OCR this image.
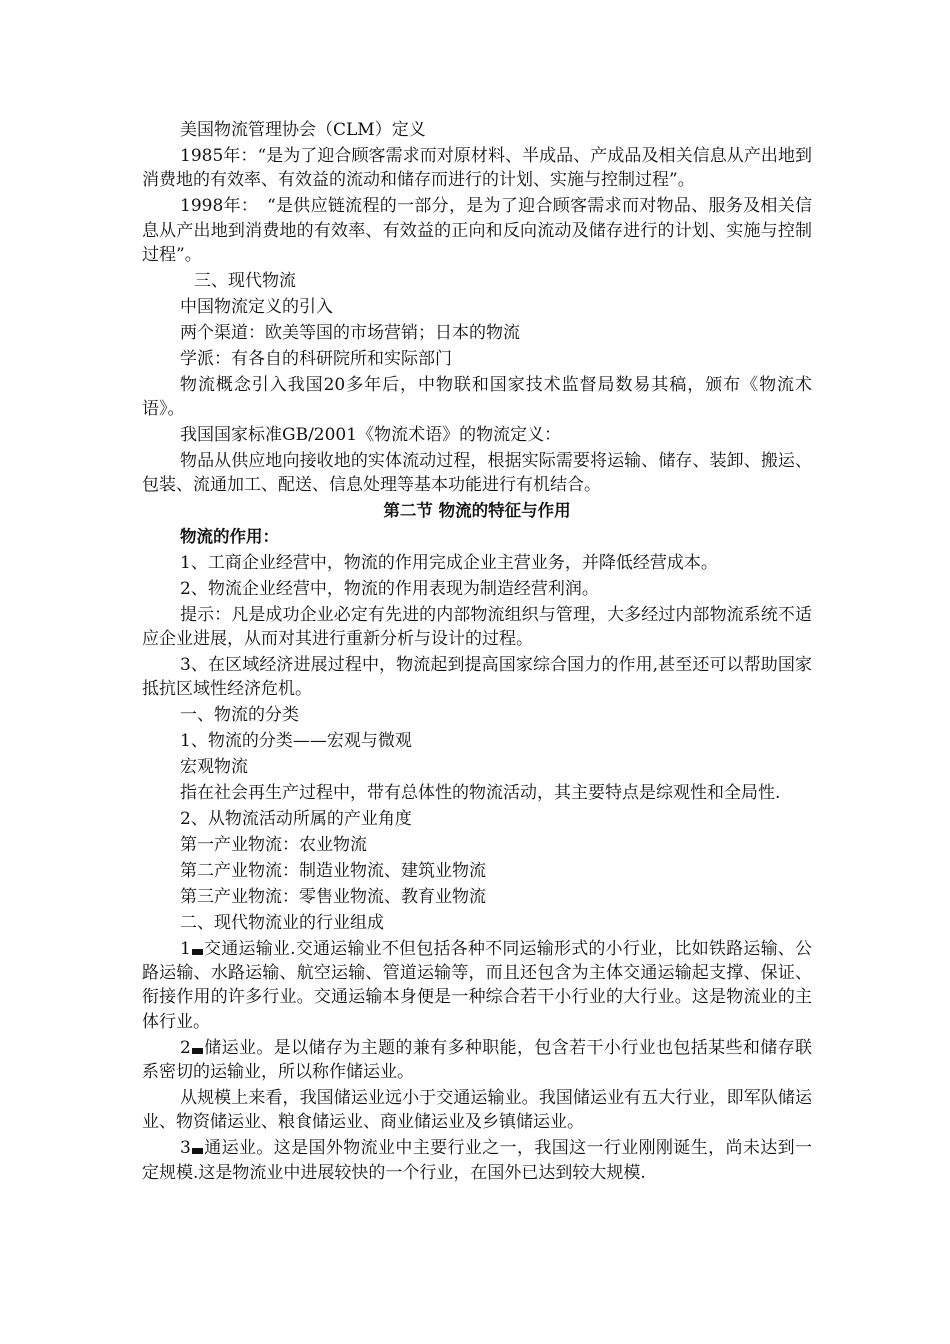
美国物流管理协会（CLM）定义

1985年：“是为了迎合顾客需求而对原材料、半成品、产成品及相关信息从产出地到消费地的有效率、有效益的流动和储存而进行的计划、实施与控制过程”。

1998年：　“是供应链流程的一部分，是为了迎合顾客需求而对物品、服务及相关信息从产出地到消费地的有效率、有效益的正向和反向流动及储存进行的计划、实施与控制过程”。

三、现代物流

中国物流定义的引入

两个渠道：欧美等国的市场营销；日本的物流

学派：有各自的科研院所和实际部门

物流概念引入我国20多年后，中物联和国家技术监督局数易其稿，颁布《物流术语》。

我国国家标准GB/2001《物流术语》的物流定义：

物品从供应地向接收地的实体流动过程，根据实际需要将运输、储存、装卸、搬运、包装、流通加工、配送、信息处理等基本功能进行有机结合。

第二节 物流的特征与作用

物流的作用：

1、工商企业经营中，物流的作用完成企业主营业务，并降低经营成本。

2、物流企业经营中，物流的作用表现为制造经营利润。

提示：凡是成功企业必定有先进的内部物流组织与管理，大多经过内部物流系统不适应企业进展，从而对其进行重新分析与设计的过程。

3、在区域经济进展过程中，物流起到提高国家综合国力的作用,甚至还可以帮助国家抵抗区域性经济危机。

一、物流的分类

1、物流的分类——宏观与微观

宏观物流

指在社会再生产过程中，带有总体性的物流活动，其主要特点是综观性和全局性.

2、从物流活动所属的产业角度

第一产业物流：农业物流

第二产业物流：制造业物流、建筑业物流

第三产业物流：零售业物流、教育业物流

二、现代物流业的行业组成

1 交通运输业.交通运输业不但包括各种不同运输形式的小行业，比如铁路运输、公路运输、水路运输、航空运输、管道运输等，而且还包含为主体交通运输起支撑、保证、衔接作用的许多行业。交通运输本身便是一种综合若干小行业的大行业。这是物流业的主体行业。

2 储运业。是以储存为主题的兼有多种职能，包含若干小行业也包括某些和储存联系密切的运输业，所以称作储运业。

从规模上来看，我国储运业远小于交通运输业。我国储运业有五大行业，即军队储运业、物资储运业、粮食储运业、商业储运业及乡镇储运业。

3 通运业。这是国外物流业中主要行业之一，我国这一行业刚刚诞生，尚未达到一定规模.这是物流业中进展较快的一个行业，在国外已达到较大规模.
